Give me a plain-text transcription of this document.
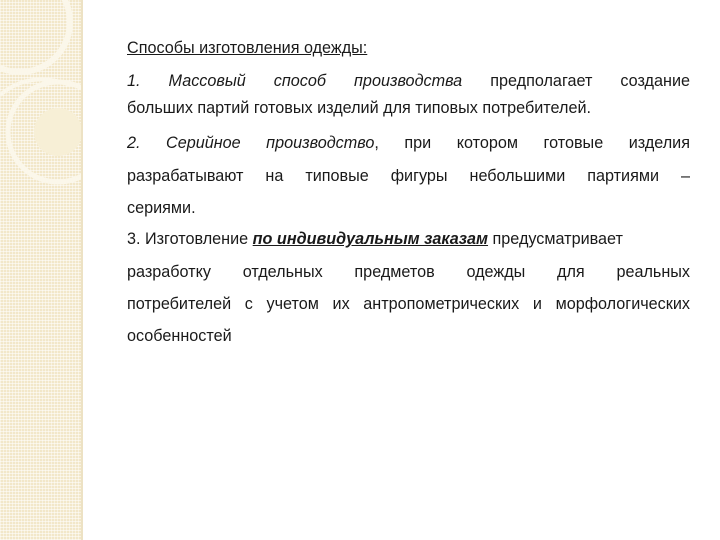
Способы изготовления одежды:
1. Массовый способ производства предполагает создание
больших партий готовых изделий для типовых потребителей.
2. Серийное производство, при котором готовые изделия
разрабатывают на типовые фигуры небольшими партиями –
сериями.
3. Изготовление по индивидуальным заказам предусматривает
разработку отдельных предметов одежды для реальных
потребителей с учетом их антропометрических и морфологических
особенностей
